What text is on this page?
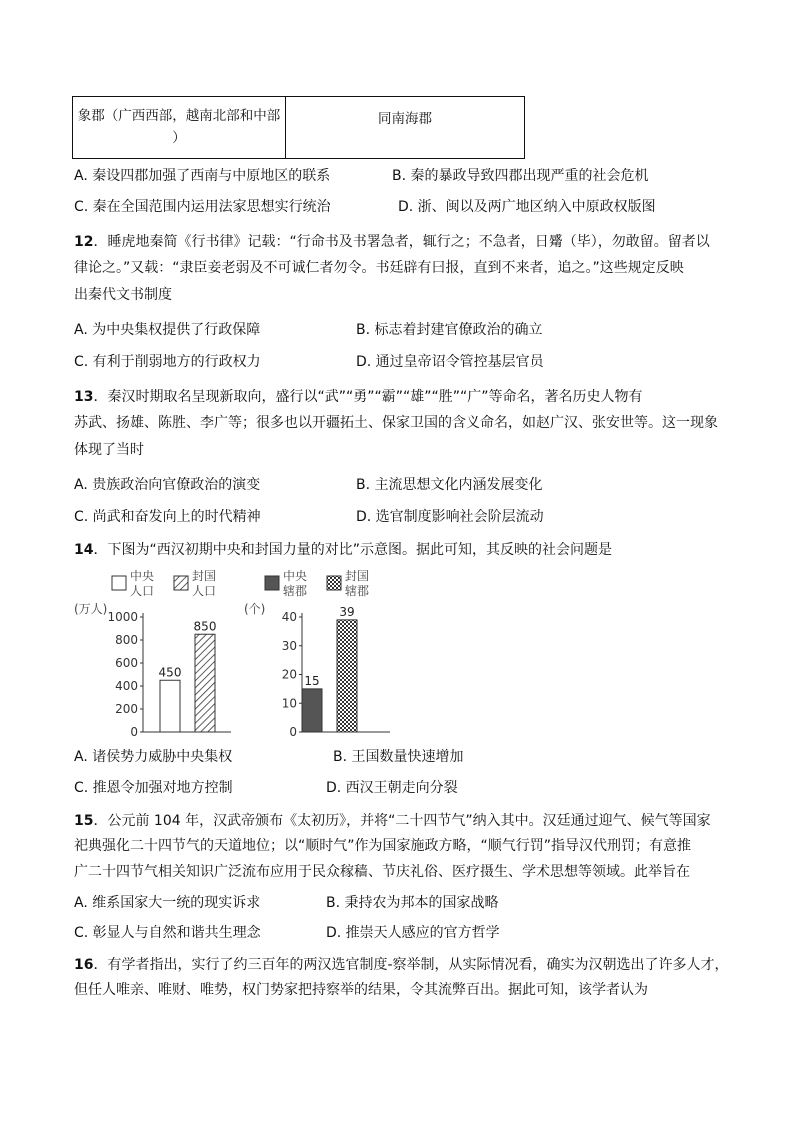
象郡（广西西部，越南北部和中部
）	同南海郡
A. 秦设四郡加强了西南与中原地区的联系	B. 秦的暴政导致四郡出现严重的社会危机
C. 秦在全国范围内运用法家思想实行统治	D. 浙、闽以及两广地区纳入中原政权版图
12．睡虎地秦简《行书律》记载：“行命书及书署急者，辄行之；不急者，日觱（毕），勿敢留。留者以
律论之。”又载：“隶臣妾老弱及不可诚仁者勿令。书廷辟有曰报，直到不来者，追之。”这些规定反映
出秦代文书制度
A. 为中央集权提供了行政保障	B. 标志着封建官僚政治的确立
C. 有利于削弱地方的行政权力	D. 通过皇帝诏令管控基层官员
13．秦汉时期取名呈现新取向，盛行以“武”“勇”“霸”“雄”“胜”“广”等命名，著名历史人物有
苏武、扬雄、陈胜、李广等；很多也以开疆拓土、保家卫国的含义命名，如赵广汉、张安世等。这一现象
体现了当时
A. 贵族政治向官僚政治的演变	B. 主流思想文化内涵发展变化
C. 尚武和奋发向上的时代精神	D. 选官制度影响社会阶层流动
14．下图为“西汉初期中央和封国力量的对比”示意图。据此可知，其反映的社会问题是
中央
人口
封国
人口
(万人)
0
200
400
600
800
1000
450
850
中央
辖郡
封国
辖郡
(个)
0
10
20
30
40
15
39
A. 诸侯势力威胁中央集权	B. 王国数量快速增加
C. 推恩令加强对地方控制	D. 西汉王朝走向分裂
15．公元前 104 年，汉武帝颁布《太初历》，并将“二十四节气”纳入其中。汉廷通过迎气、候气等国家
祀典强化二十四节气的天道地位；以“顺时气”作为国家施政方略，“顺气行罚”指导汉代刑罚；有意推
广二十四节气相关知识广泛流布应用于民众稼穑、节庆礼俗、医疗摄生、学术思想等领域。此举旨在
A. 维系国家大一统的现实诉求	B. 秉持农为邦本的国家战略
C. 彰显人与自然和谐共生理念	D. 推崇天人感应的官方哲学
16．有学者指出，实行了约三百年的两汉选官制度-察举制，从实际情况看，确实为汉朝选出了许多人才，
但任人唯亲、唯财、唯势，权门势家把持察举的结果，令其流弊百出。据此可知，该学者认为
